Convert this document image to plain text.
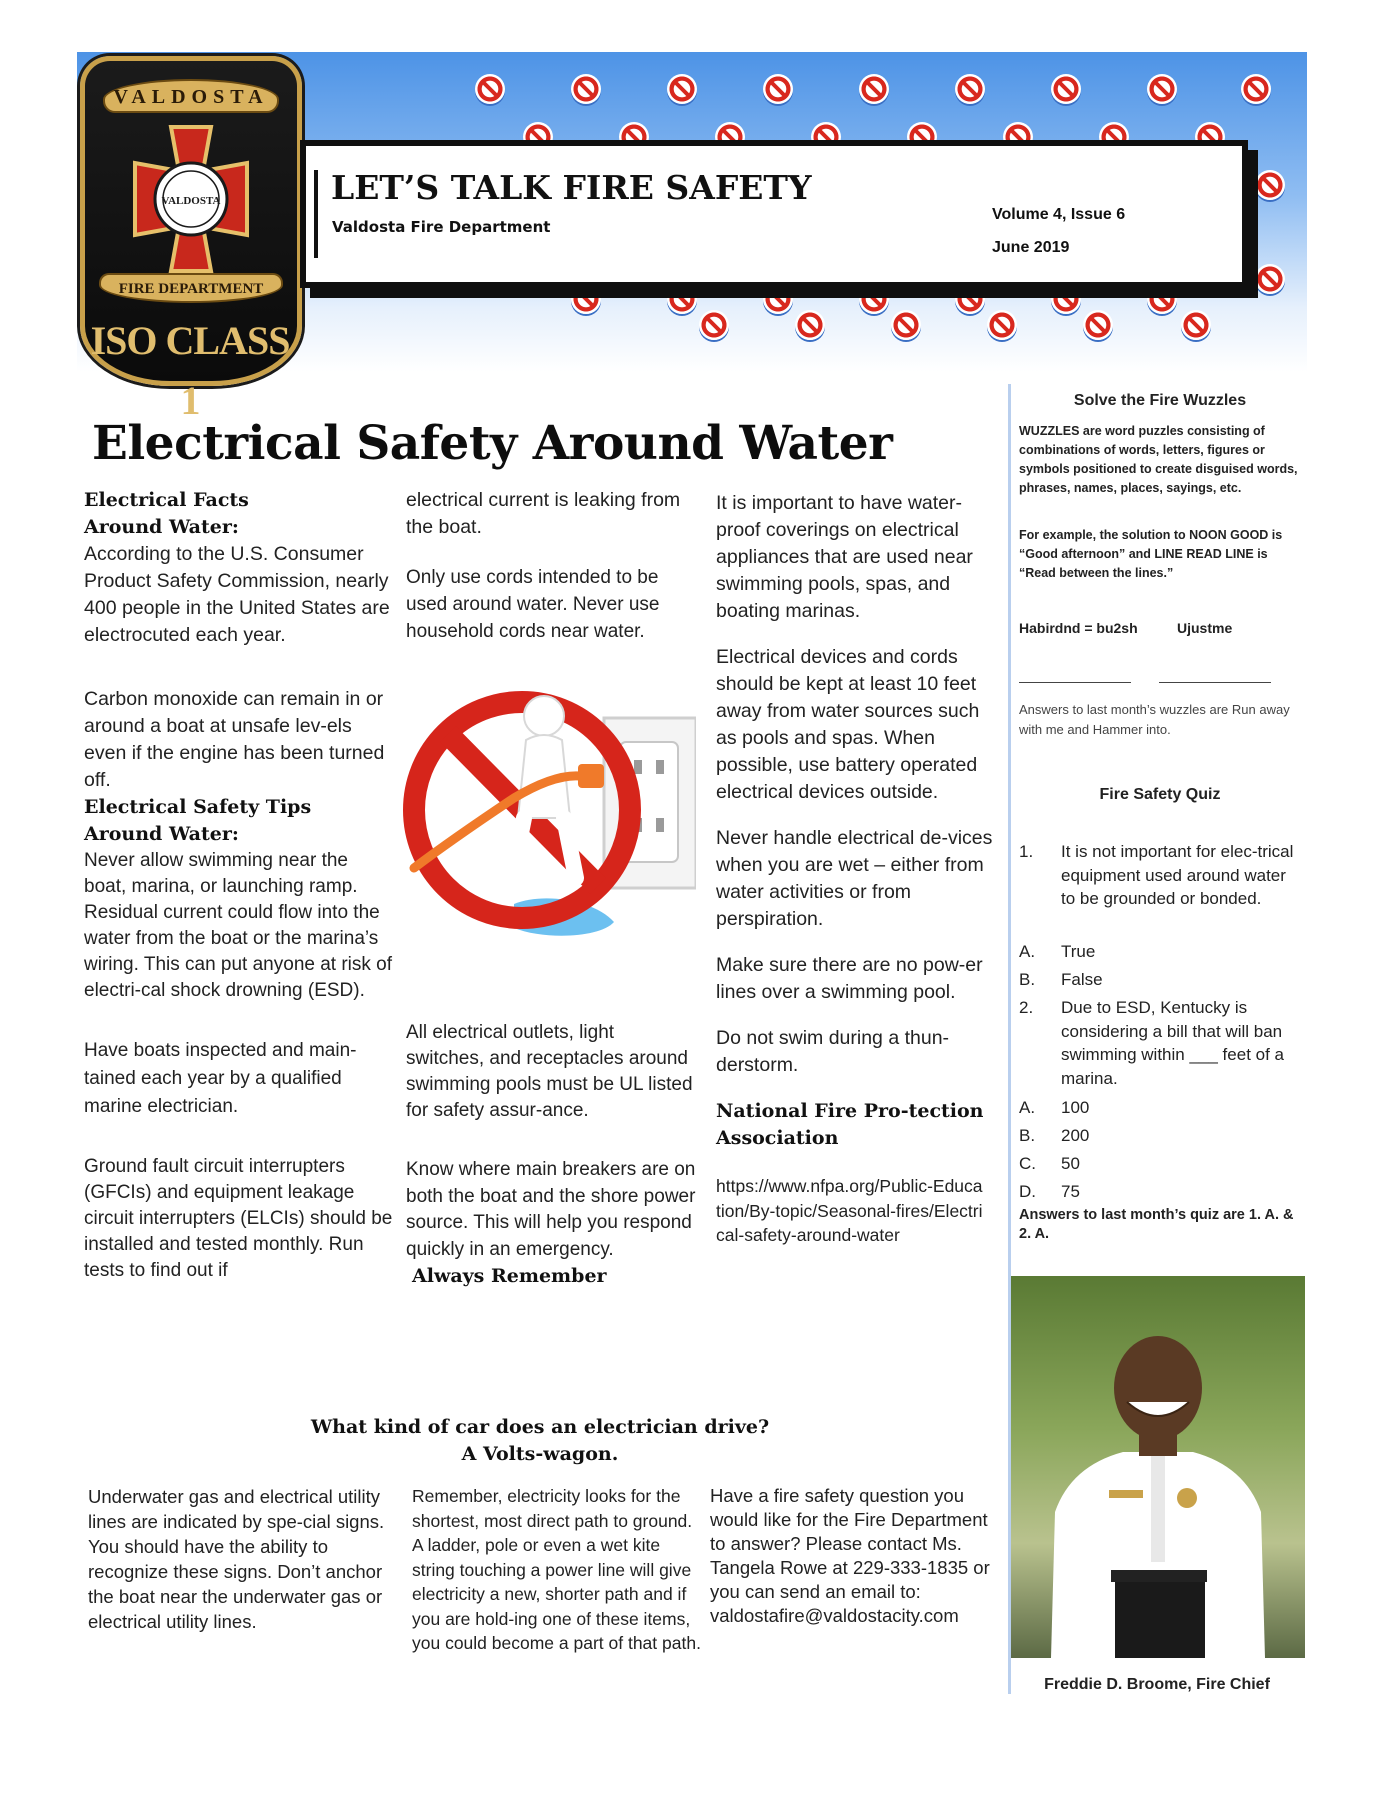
VALDOSTA
VALDOSTA
FIRE DEPARTMENT
ISO CLASS 1
LET’S TALK FIRE SAFETY
Valdosta Fire Department
Volume 4, Issue 6
June 2019
Electrical Safety Around Water
Electrical Facts Around Water:

According to the U.S. Consumer Product Safety Commission, nearly 400 people in the United States are electrocuted each year.

Carbon monoxide can remain in or around a boat at unsafe lev-els even if the engine has been turned off.

Electrical Safety Tips Around Water:

Never allow swimming near the boat, marina, or launching ramp. Residual current could flow into the water from the boat or the marina’s wiring. This can put anyone at risk of electri-cal shock drowning (ESD).

Have boats inspected and main-tained each year by a qualified marine electrician.

Ground fault circuit interrupters (GFCIs) and equipment leakage circuit interrupters (ELCIs) should be installed and tested monthly. Run tests to find out if

electrical current is leaking from the boat.

Only use cords intended to be used around water. Never use household cords near water.

All electrical outlets, light switches, and receptacles around swimming pools must be UL listed for safety assur-ance.

Know where main breakers are on both the boat and the shore power source. This will help you respond quickly in an emergency.

Always Remember

It is important to have water-proof coverings on electrical appliances that are used near swimming pools, spas, and boating marinas.

Electrical devices and cords should be kept at least 10 feet away from water sources such as pools and spas. When possible, use battery operated electrical devices outside.

Never handle electrical de-vices when you are wet – either from water activities or from perspiration.

Make sure there are no pow-er lines over a swimming pool.

Do not swim during a thun-derstorm.

National Fire Pro-tection Association
https://www.nfpa.org/Public-Education/By-topic/Seasonal-fires/Electrical-safety-around-water
What kind of car does an electrician drive?
A Volts-wagon.
Underwater gas and electrical utility lines are indicated by spe-cial signs. You should have the ability to recognize these signs. Don’t anchor the boat near the underwater gas or electrical utility lines.
Remember, electricity looks for the shortest, most direct path to ground. A ladder, pole or even a wet kite string touching a power line will give electricity a new, shorter path and if you are hold-ing one of these items, you could become a part of that path.
Have a fire safety question you would like for the Fire Department to answer? Please contact Ms. Tangela Rowe at 229-333-1835 or you can send an email to: valdostafire@valdostacity.com
Solve the Fire Wuzzles
WUZZLES are word puzzles consisting of combinations of words, letters, figures or symbols positioned to create disguised words, phrases, names, places, sayings, etc.
For example, the solution to NOON GOOD is “Good afternoon” and LINE READ LINE is “Read between the lines.”
Habirdnd = bu2sh	Ujustme
Answers to last month’s wuzzles are Run away with me and Hammer into.
Fire Safety Quiz
1.	It is not important for elec-trical equipment used around water to be grounded or bonded.
A.	True
B.	False
2.	Due to ESD, Kentucky is considering a bill that will ban swimming within ___ feet of a marina.
A.	100
B.	200
C.	50
D.	75
Answers to last month’s quiz are 1. A. & 2. A.
Freddie D. Broome, Fire Chief
